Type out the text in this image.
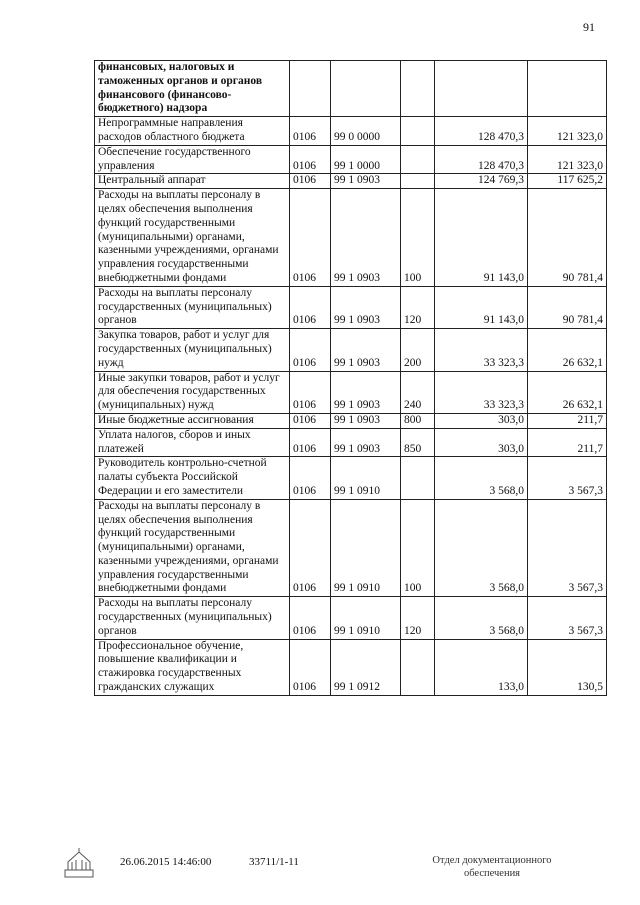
91
финансовых, налоговых и таможенных органов и органов финансового (финансово-бюджетного) надзора					
Непрограммные направления расходов областного бюджета	0106	99 0 0000		128 470,3	121 323,0
Обеспечение государственного управления	0106	99 1 0000		128 470,3	121 323,0
Центральный аппарат	0106	99 1 0903		124 769,3	117 625,2
Расходы на выплаты персоналу в целях обеспечения выполнения функций государственными (муниципальными) органами, казенными учреждениями, органами управления государственными внебюджетными фондами	0106	99 1 0903	100	91 143,0	90 781,4
Расходы на выплаты персоналу государственных (муниципальных) органов	0106	99 1 0903	120	91 143,0	90 781,4
Закупка товаров, работ и услуг для государственных (муниципальных) нужд	0106	99 1 0903	200	33 323,3	26 632,1
Иные закупки товаров, работ и услуг для обеспечения государственных (муниципальных) нужд	0106	99 1 0903	240	33 323,3	26 632,1
Иные бюджетные ассигнования	0106	99 1 0903	800	303,0	211,7
Уплата налогов, сборов и иных платежей	0106	99 1 0903	850	303,0	211,7
Руководитель контрольно-счетной палаты субъекта Российской Федерации и его заместители	0106	99 1 0910		3 568,0	3 567,3
Расходы на выплаты персоналу в целях обеспечения выполнения функций государственными (муниципальными) органами, казенными учреждениями, органами управления государственными внебюджетными фондами	0106	99 1 0910	100	3 568,0	3 567,3
Расходы на выплаты персоналу государственных (муниципальных) органов	0106	99 1 0910	120	3 568,0	3 567,3
Профессиональное обучение, повышение квалификации и стажировка государственных гражданских служащих	0106	99 1 0912		133,0	130,5
26.06.2015 14:46:00	33711/1-11	Отдел документационного
обеспечения
